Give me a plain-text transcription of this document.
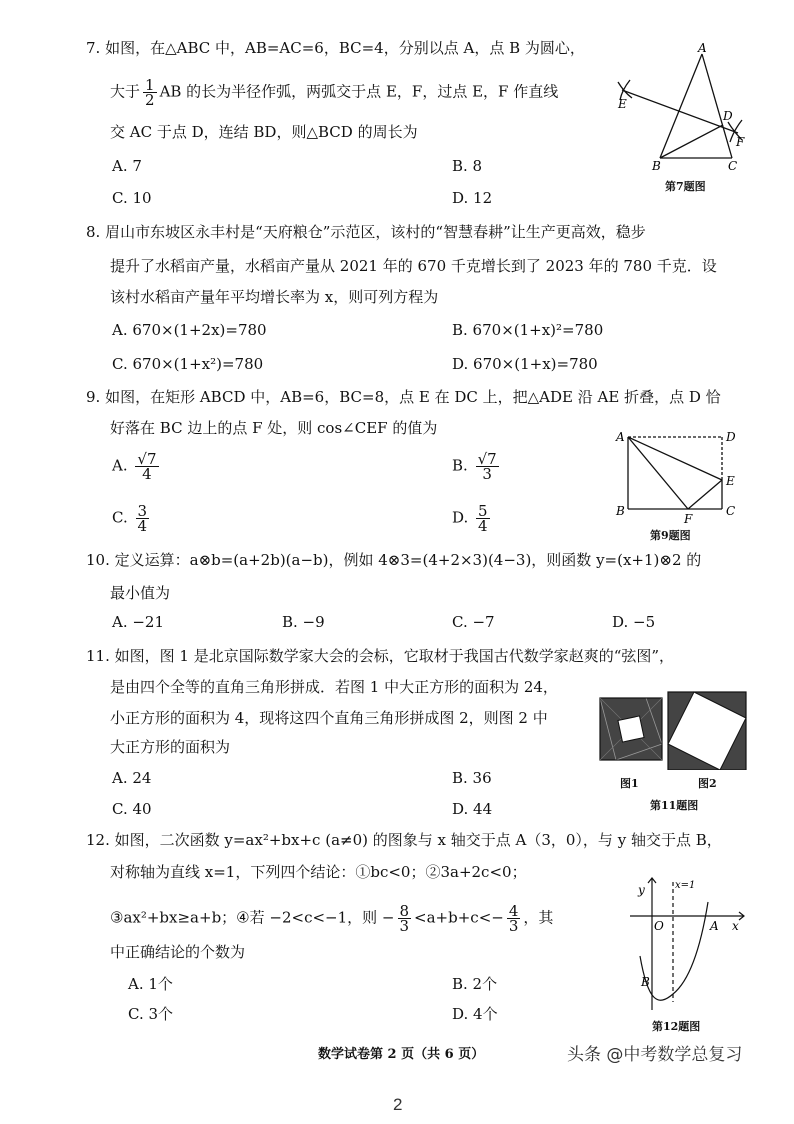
7. 如图，在△ABC 中，AB=AC=6，BC=4，分别以点 A，点 B 为圆心，
大于 $\frac{1}{2}$ AB 的长为半径作弧，两弧交于点 E，F，过点 E，F 作直线
交 AC 于点 D，连结 BD，则△BCD 的周长为
A. 7	B. 8
C. 10	D. 12
A
B	C
D
E
F
第7题图
8. 眉山市东坡区永丰村是“天府粮仓”示范区，该村的“智慧春耕”让生产更高效，稳步
提升了水稻亩产量，水稻亩产量从 2021 年的 670 千克增长到了 2023 年的 780 千克．设
该村水稻亩产量年平均增长率为 x，则可列方程为
A. 670×(1+2x)=780	B. 670×(1+x)²=780
C. 670×(1+x²)=780	D. 670×(1+x)=780
9. 如图，在矩形 ABCD 中，AB=6，BC=8，点 E 在 DC 上，把△ADE 沿 AE 折叠，点 D 恰
好落在 BC 边上的点 F 处，则 cos∠CEF 的值为
A. $\frac{√7}{4}$	B. $\frac{√7}{3}$
C. $\frac{3}{4}$	D. $\frac{5}{4}$
A	D
E
B
F
C
第9题图
10. 定义运算：a⊗b=(a+2b)(a−b)，例如 4⊗3=(4+2×3)(4−3)，则函数 y=(x+1)⊗2 的
最小值为
A. −21	B. −9	C. −7	D. −5
11. 如图，图 1 是北京国际数学家大会的会标，它取材于我国古代数学家赵爽的“弦图”，
是由四个全等的直角三角形拼成．若图 1 中大正方形的面积为 24，
小正方形的面积为 4，现将这四个直角三角形拼成图 2，则图 2 中
大正方形的面积为
A. 24	B. 36
C. 40	D. 44
图1	图2
第11题图
12. 如图，二次函数 y=ax²+bx+c (a≠0) 的图象与 x 轴交于点 A（3，0），与 y 轴交于点 B，
对称轴为直线 x=1，下列四个结论：①bc<0；②3a+2c<0；
③ax²+bx≥a+b；④若 −2<c<−1，则 − $\frac{8}{3} <a+b+c<- \frac{4}{3}$ ，其
中正确结论的个数为
A. 1个	B. 2个
C. 3个	D. 4个
y	x=1
x
O	A
B
第12题图
数学试卷第 2 页（共 6 页）	头条 @中考数学总复习
2
